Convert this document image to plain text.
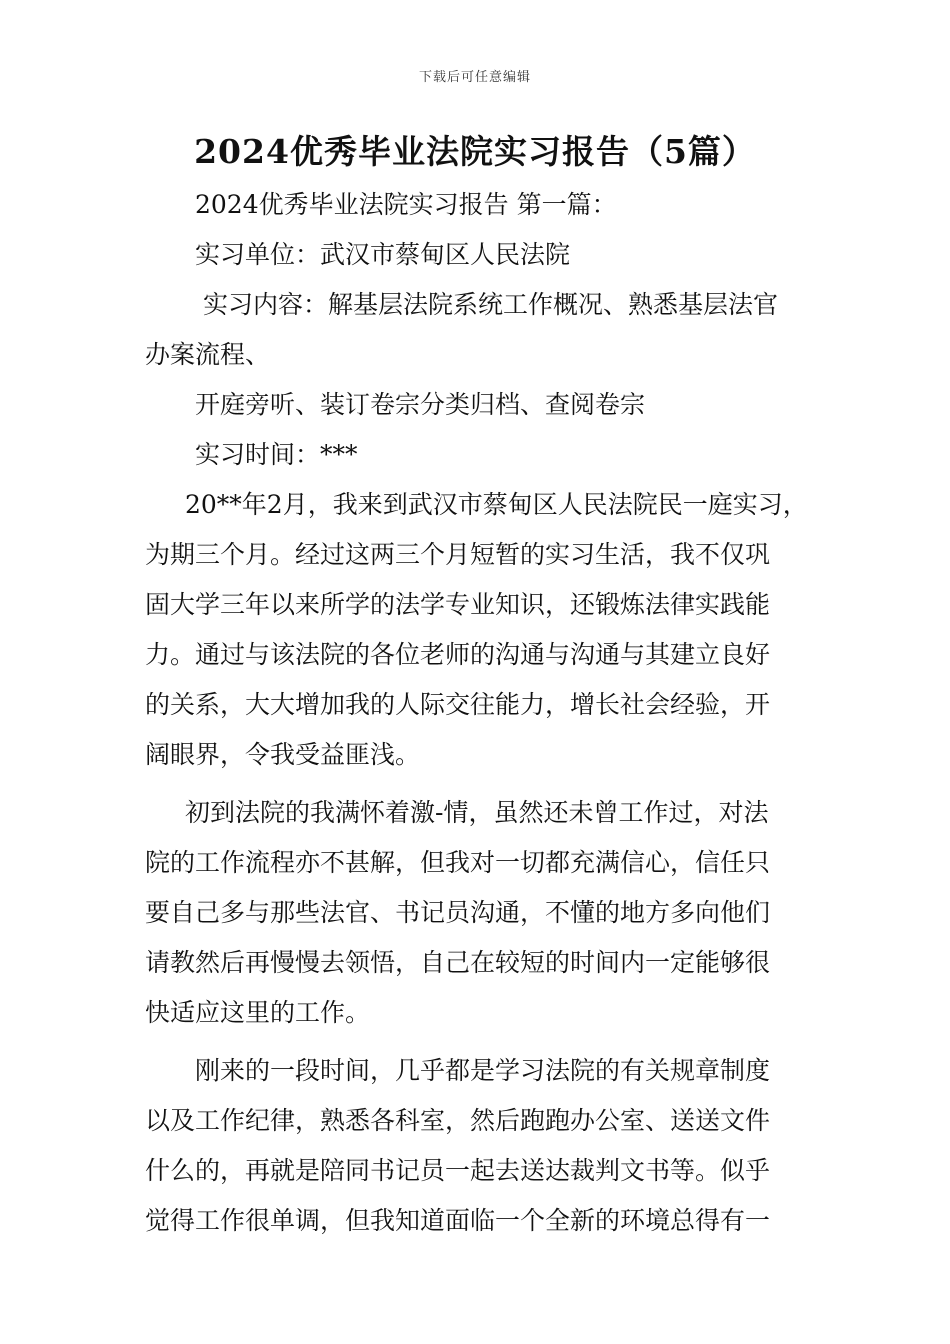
下载后可任意编辑
2024优秀毕业法院实习报告（5篇）

2024优秀毕业法院实习报告 第一篇：

实习单位：武汉市蔡甸区人民法院

实习内容：解基层法院系统工作概况、熟悉基层法官

办案流程、

开庭旁听、装订卷宗分类归档、查阅卷宗

实习时间：***

20**年2月，我来到武汉市蔡甸区人民法院民一庭实习，

为期三个月。经过这两三个月短暂的实习生活，我不仅巩

固大学三年以来所学的法学专业知识，还锻炼法律实践能

力。通过与该法院的各位老师的沟通与沟通与其建立良好

的关系，大大增加我的人际交往能力，增长社会经验，开

阔眼界，令我受益匪浅。

初到法院的我满怀着激-情，虽然还未曾工作过，对法

院的工作流程亦不甚解，但我对一切都充满信心，信任只

要自己多与那些法官、书记员沟通，不懂的地方多向他们

请教然后再慢慢去领悟，自己在较短的时间内一定能够很

快适应这里的工作。

刚来的一段时间，几乎都是学习法院的有关规章制度

以及工作纪律，熟悉各科室，然后跑跑办公室、送送文件

什么的，再就是陪同书记员一起去送达裁判文书等。似乎

觉得工作很单调，但我知道面临一个全新的环境总得有一
